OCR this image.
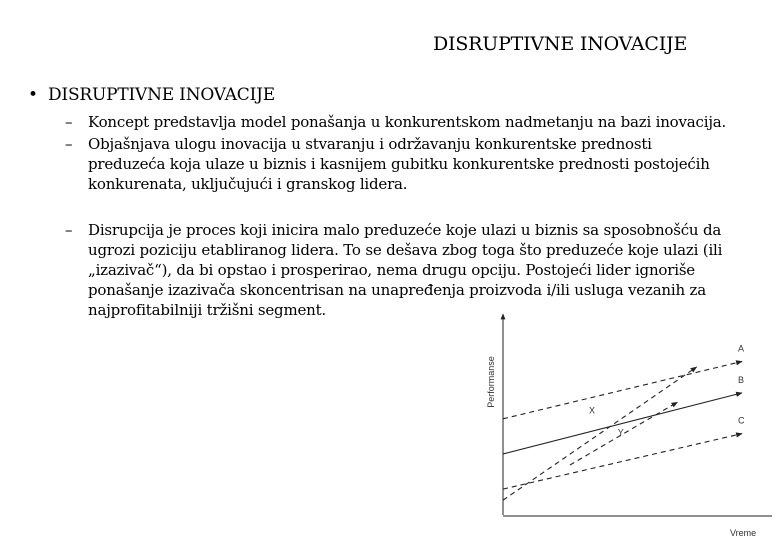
DISRUPTIVNE INOVACIJE
• DISRUPTIVNE INOVACIJE
– Koncept predstavlja model ponašanja u konkurentskom nadmetanju na bazi inovacija.
– Objašnjava ulogu inovacija u stvaranju i održavanju konkurentske prednosti preduzeća koja ulaze u biznis i kasnijem gubitku konkurentske prednosti postojećih konkurenata, uključujući i granskog lidera.
– Disrupcija je proces koji inicira malo preduzeće koje ulazi u biznis sa sposobnošću da ugrozi poziciju etabliranog lidera. To se dešava zbog toga što preduzeće koje ulazi (ili „izazivač“), da bi opstao i prosperirao, nema drugu opciju. Postojeći lider ignoriše ponašanje izazivača skoncentrisan na unapređenja proizvoda i/ili usluga vezanih za najprofitabilniji tržišni segment.
Performanse
Vreme
A
B
C
X
Y
